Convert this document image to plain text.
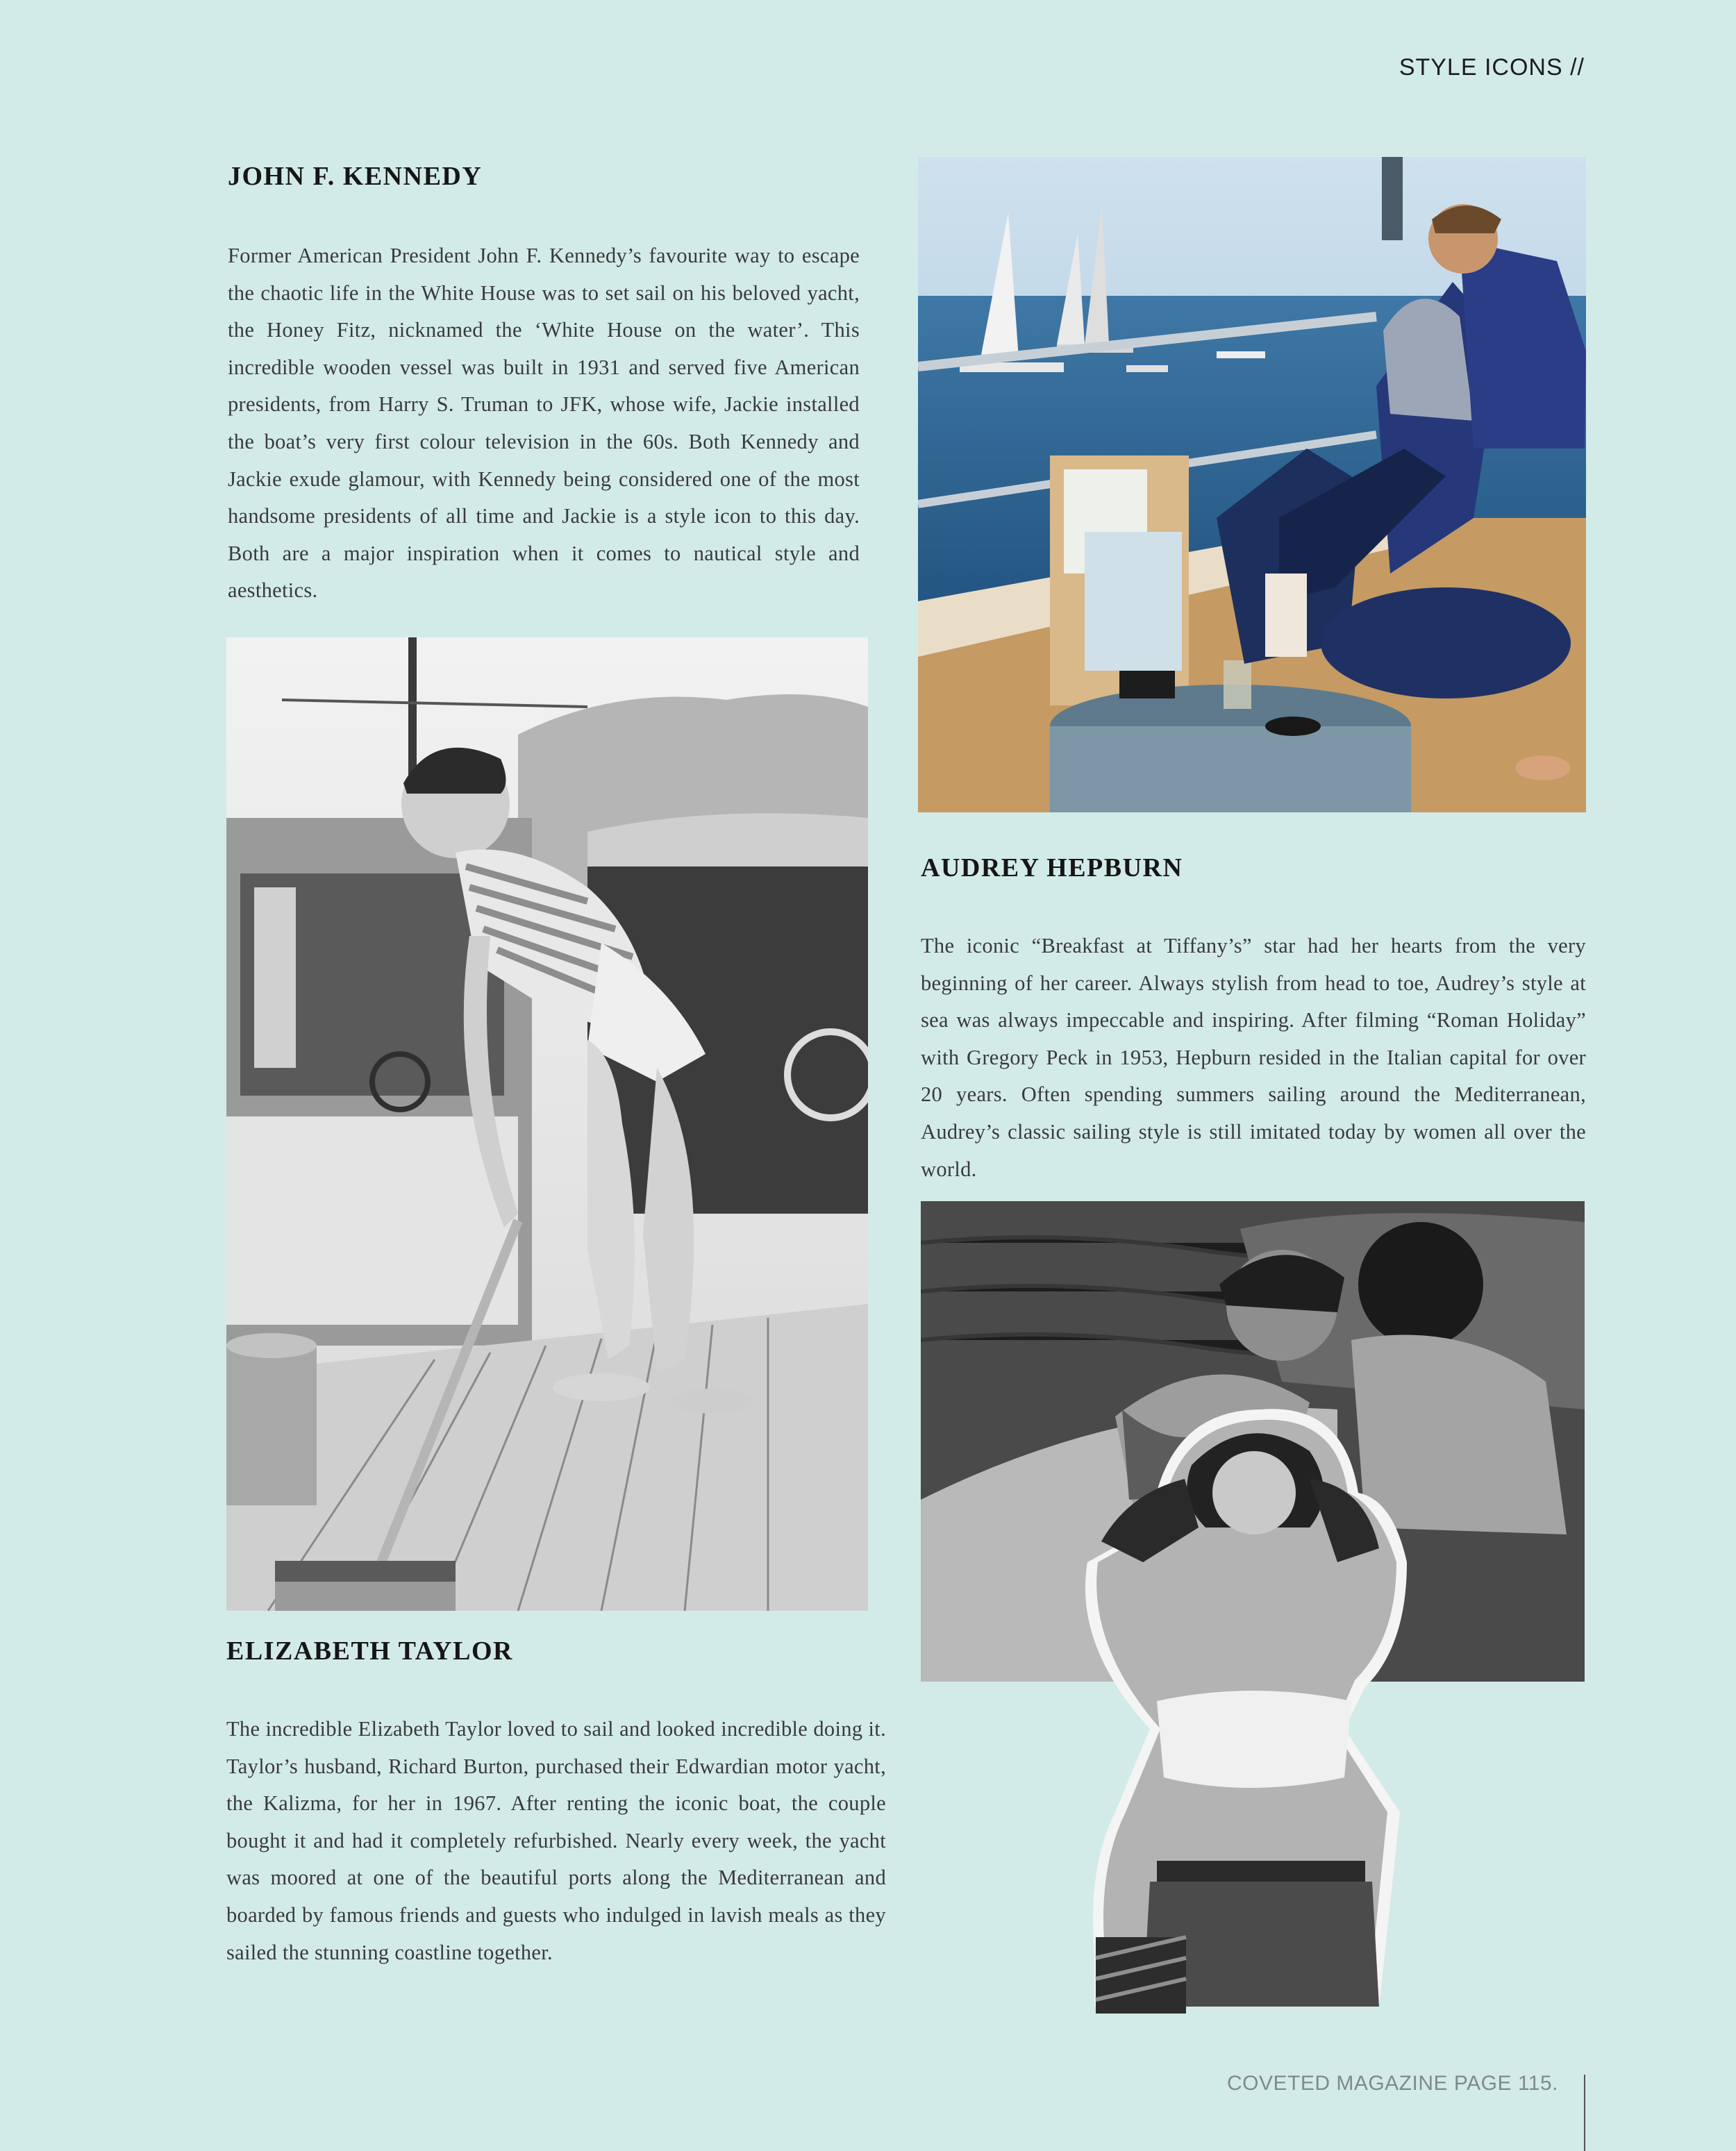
STYLE ICONS //
JOHN F. KENNEDY
Former American President John F. Kennedy’s favourite way to escape the chaotic life in the White House was to set sail on his beloved yacht, the Honey Fitz, nicknamed the ‘White House on the water’. This incredible wooden vessel was built in 1931 and served five American presidents, from Harry S. Truman to JFK, whose wife, Jackie installed the boat’s very first colour television in the 60s. Both Kennedy and Jackie exude glamour, with Kennedy being considered one of the most handsome presidents of all time and Jackie is a style icon to this day. Both are a major inspiration when it comes to nautical style and aesthetics.
AUDREY HEPBURN
The iconic “Breakfast at Tiffany’s” star had her hearts from the very beginning of her career. Always stylish from head to toe, Audrey’s style at sea was always impeccable and inspiring. After filming “Roman Holiday” with Gregory Peck in 1953, Hepburn resided in the Italian capital for over 20 years. Often spending summers sailing around the Mediterranean, Audrey’s classic sailing style is still imitated today by women all over the world.
ELIZABETH TAYLOR
The incredible Elizabeth Taylor loved to sail and looked incredible doing it. Taylor’s husband, Richard Burton, purchased their Edwardian motor yacht, the Kalizma, for her in 1967. After renting the iconic boat, the couple bought it and had it completely refurbished. Nearly every week, the yacht was moored at one of the beautiful ports along the Mediterranean and boarded by famous friends and guests who indulged in lavish meals as they sailed the stunning coastline together.
COVETED MAGAZINE PAGE 115.
